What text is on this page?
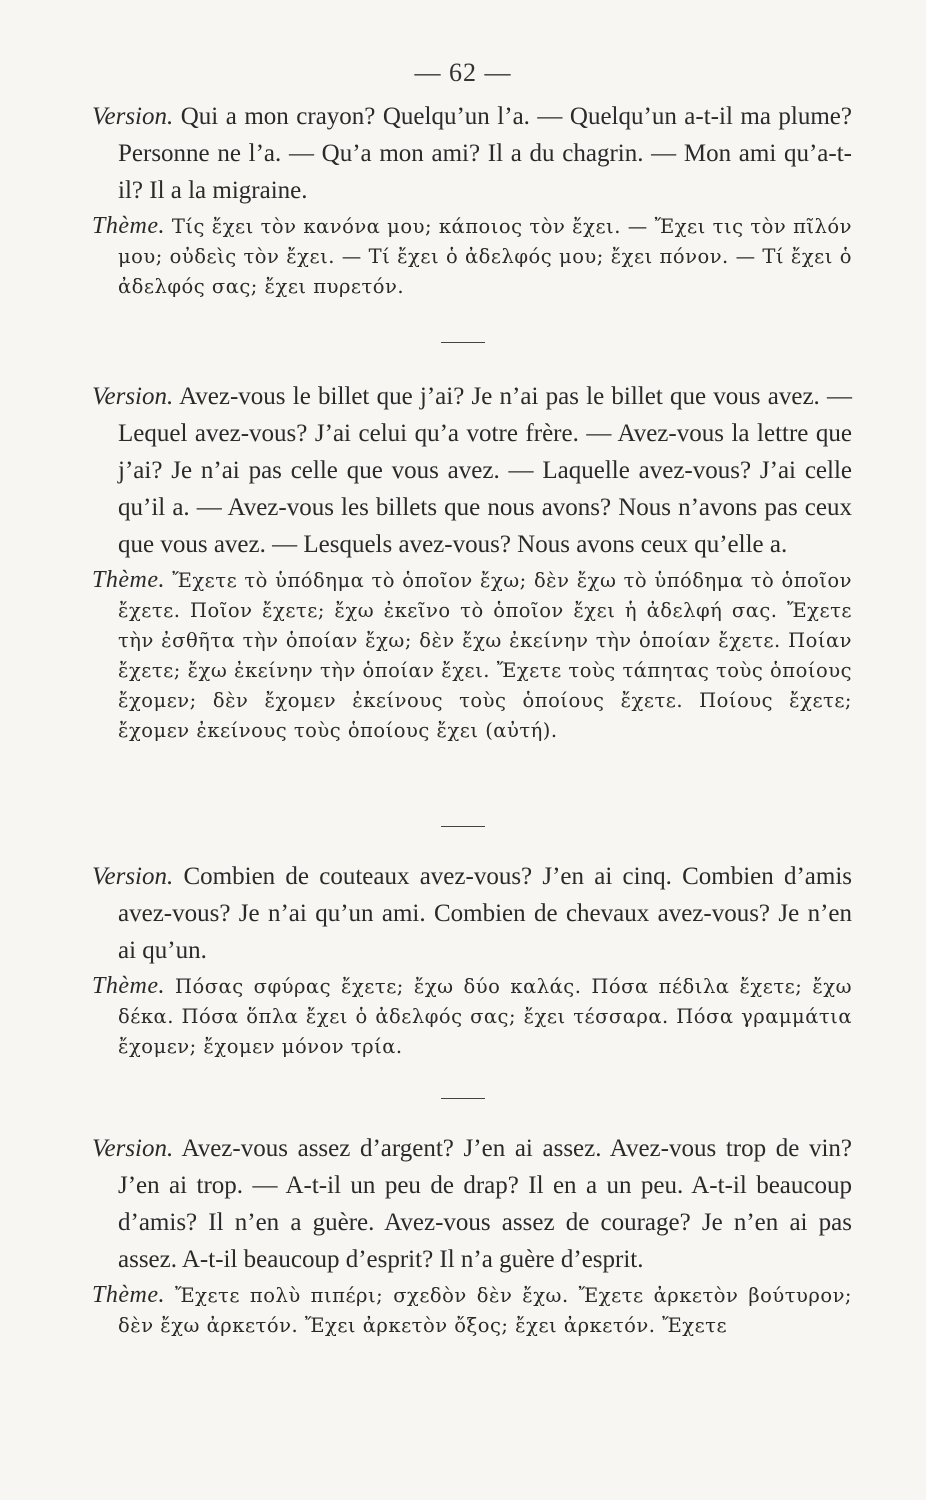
— 62 —
Version. Qui a mon crayon? Quelqu’un l’a. — Quelqu’un a-t-il ma plume? Personne ne l’a. — Qu’a mon ami? Il a du chagrin. — Mon ami qu’a-t-il? Il a la migraine.
Thème. Τίς ἔχει τὸν κανόνα μου; κάποιος τὸν ἔχει. — Ἔχει τις τὸν πῖλόν μου; οὐδεὶς τὸν ἔχει. — Τί ἔχει ὁ ἀδελφός μου; ἔχει πόνον. — Τί ἔχει ὁ ἀδελφός σας; ἔχει πυρετόν.
Version. Avez-vous le billet que j’ai? Je n’ai pas le billet que vous avez. — Lequel avez-vous? J’ai celui qu’a votre frère. — Avez-vous la lettre que j’ai? Je n’ai pas celle que vous avez. — Laquelle avez-vous? J’ai celle qu’il a. — Avez-vous les billets que nous avons? Nous n’avons pas ceux que vous avez. — Lesquels avez-vous? Nous avons ceux qu’elle a.
Thème. Ἔχετε τὸ ὑπόδημα τὸ ὁποῖον ἔχω; δὲν ἔχω τὸ ὑπόδημα τὸ ὁποῖον ἔχετε. Ποῖον ἔχετε; ἔχω ἐκεῖνο τὸ ὁποῖον ἔχει ἡ ἀδελφή σας. Ἔχετε τὴν ἐσθῆτα τὴν ὁποίαν ἔχω; δὲν ἔχω ἐκείνην τὴν ὁποίαν ἔχετε. Ποίαν ἔχετε; ἔχω ἐκείνην τὴν ὁποίαν ἔχει. Ἔχετε τοὺς τάπητας τοὺς ὁποίους ἔχομεν; δὲν ἔχομεν ἐκείνους τοὺς ὁποίους ἔχετε. Ποίους ἔχετε; ἔχομεν ἐκείνους τοὺς ὁποίους ἔχει (αὐτή).
Version. Combien de couteaux avez-vous? J’en ai cinq. Combien d’amis avez-vous? Je n’ai qu’un ami. Combien de chevaux avez-vous? Je n’en ai qu’un.
Thème. Πόσας σφύρας ἔχετε; ἔχω δύο καλάς. Πόσα πέδιλα ἔχετε; ἔχω δέκα. Πόσα ὅπλα ἔχει ὁ ἀδελφός σας; ἔχει τέσσαρα. Πόσα γραμμάτια ἔχομεν; ἔχομεν μόνον τρία.
Version. Avez-vous assez d’argent? J’en ai assez. Avez-vous trop de vin? J’en ai trop. — A-t-il un peu de drap? Il en a un peu. A-t-il beaucoup d’amis? Il n’en a guère. Avez-vous assez de courage? Je n’en ai pas assez. A-t-il beaucoup d’esprit? Il n’a guère d’esprit.
Thème. Ἔχετε πολὺ πιπέρι; σχεδὸν δὲν ἔχω. Ἔχετε ἀρκετὸν βούτυρον; δὲν ἔχω ἀρκετόν. Ἔχει ἀρκετὸν ὄξος; ἔχει ἀρκετόν. Ἔχετε
